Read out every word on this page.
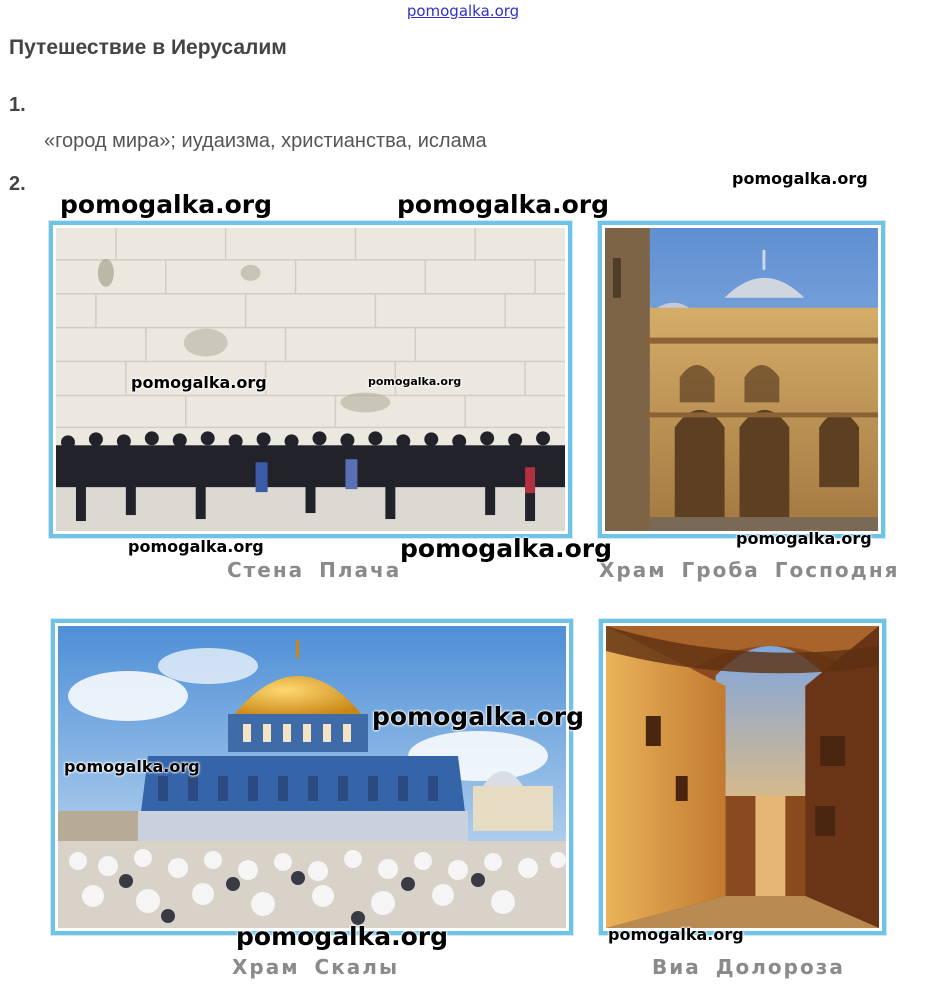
pomogalka.org
Путешествие в Иерусалим
1.
«город мира»; иудаизма, христианства, ислама
2.
Стена Плача	Храм Гроба Господня
Храм Скалы	Виа Долороза
pomogalka.org	pomogalka.org
pomogalka.org
pomogalka.org	pomogalka.org
pomogalka.org	pomogalka.org	pomogalka.org
pomogalka.org
pomogalka.org
pomogalka.org	pomogalka.org
